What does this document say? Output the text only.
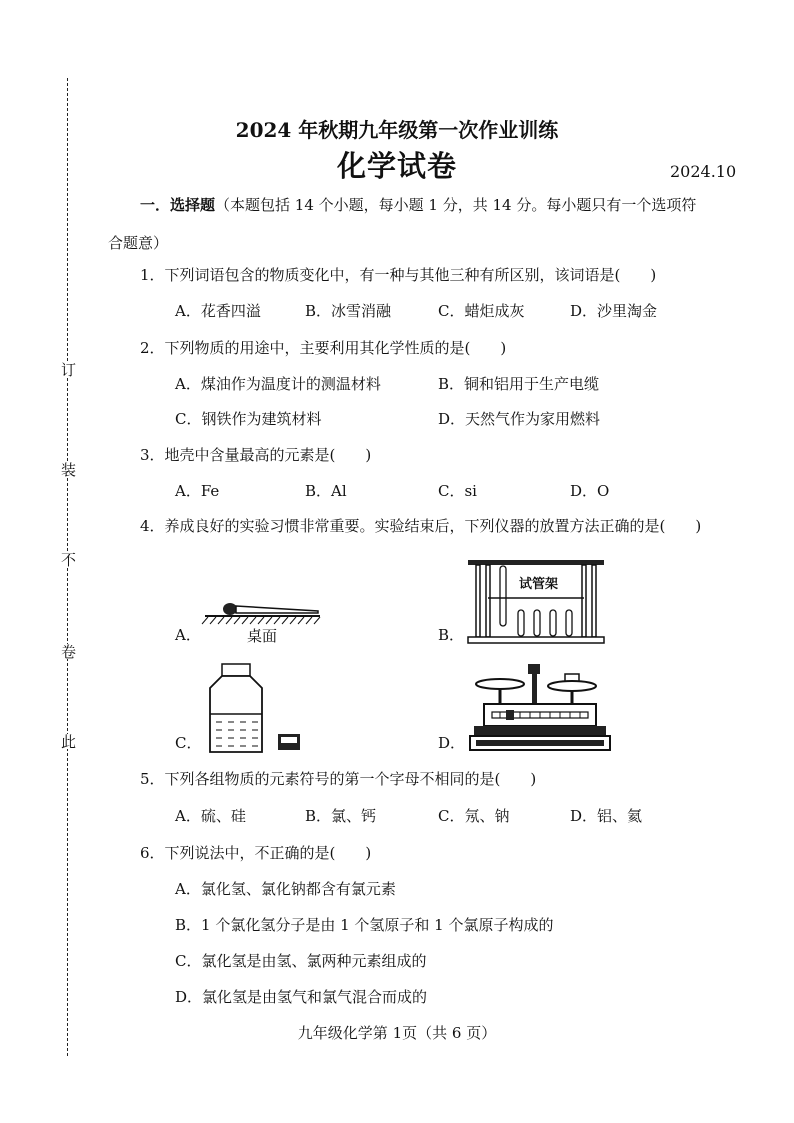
订
装
不
卷
此
2024 年秋期九年级第一次作业训练
化学试卷	2024.10
一．选择题（本题包括 14 个小题，每小题 1 分，共 14 分。每小题只有一个选项符
合题意）
1．下列词语包含的物质变化中，有一种与其他三种有所区别，该词语是(　　)
A．花香四溢	B．冰雪消融	C．蜡炬成灰	D．沙里淘金
2．下列物质的用途中，主要利用其化学性质的是(　　)
A．煤油作为温度计的测温材料	B．铜和铝用于生产电缆
C．钢铁作为建筑材料	D．天然气作为家用燃料
3．地壳中含量最高的元素是(　　)
A．Fe	B．Al	C．si	D．O
4．养成良好的实验习惯非常重要。实验结束后，下列仪器的放置方法正确的是(　　)
A．	B．
C．	D．
桌面
试管架
5．下列各组物质的元素符号的第一个字母不相同的是(　　)
A．硫、硅	B．氯、钙	C．氖、钠	D．铝、氦
6．下列说法中，不正确的是(　　)
A．氯化氢、氯化钠都含有氯元素
B．1 个氯化氢分子是由 1 个氢原子和 1 个氯原子构成的
C．氯化氢是由氢、氯两种元素组成的
D．氯化氢是由氢气和氯气混合而成的
九年级化学第 1页（共 6 页）
